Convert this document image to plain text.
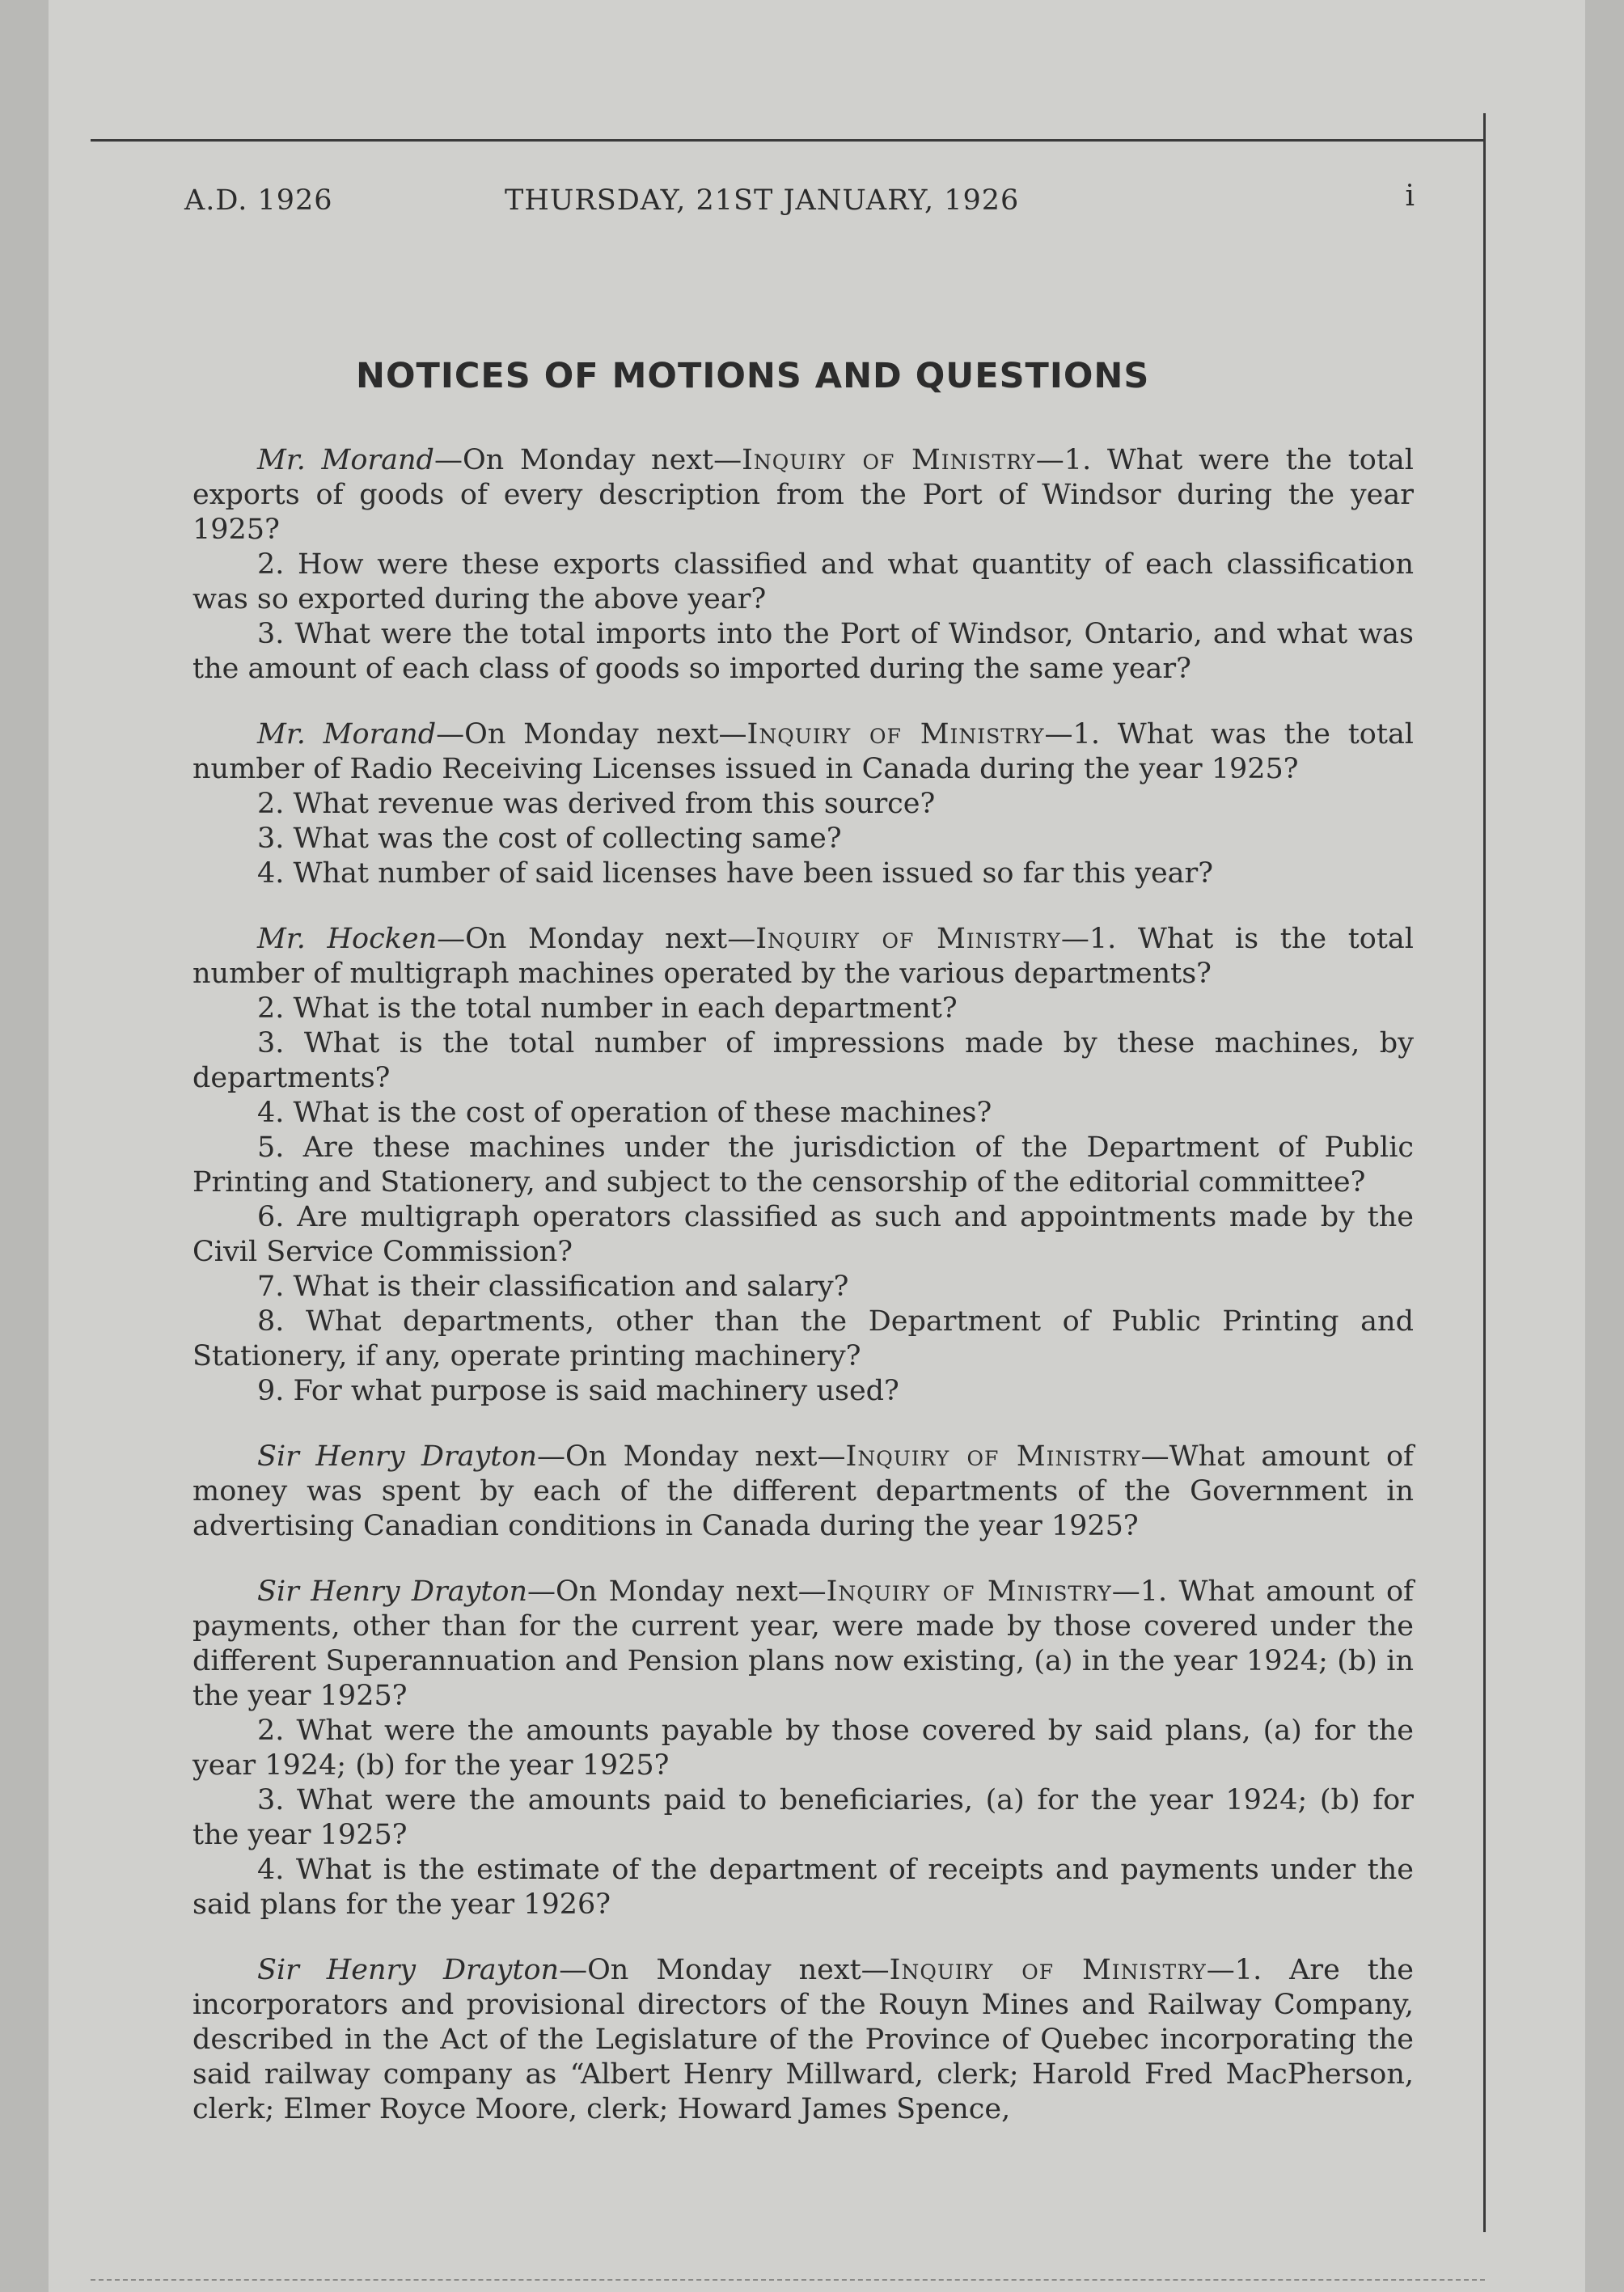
A.D. 1926	THURSDAY, 21ST JANUARY, 1926	i
NOTICES OF MOTIONS AND QUESTIONS

Mr. Morand—On Monday next—Inquiry of Ministry—1. What were the total exports of goods of every description from the Port of Windsor during the year 1925?

2. How were these exports classified and what quantity of each classification was so exported during the above year?

3. What were the total imports into the Port of Windsor, Ontario, and what was the amount of each class of goods so imported during the same year?

Mr. Morand—On Monday next—Inquiry of Ministry—1. What was the total number of Radio Receiving Licenses issued in Canada during the year 1925?

2. What revenue was derived from this source?

3. What was the cost of collecting same?

4. What number of said licenses have been issued so far this year?

Mr. Hocken—On Monday next—Inquiry of Ministry—1. What is the total number of multigraph machines operated by the various departments?

2. What is the total number in each department?

3. What is the total number of impressions made by these machines, by departments?

4. What is the cost of operation of these machines?

5. Are these machines under the jurisdiction of the Department of Public Printing and Stationery, and subject to the censorship of the editorial committee?

6. Are multigraph operators classified as such and appointments made by the Civil Service Commission?

7. What is their classification and salary?

8. What departments, other than the Department of Public Printing and Stationery, if any, operate printing machinery?

9. For what purpose is said machinery used?

Sir Henry Drayton—On Monday next—Inquiry of Ministry—What amount of money was spent by each of the different departments of the Government in advertising Canadian conditions in Canada during the year 1925?

Sir Henry Drayton—On Monday next—Inquiry of Ministry—1. What amount of payments, other than for the current year, were made by those covered under the different Superannuation and Pension plans now existing, (a) in the year 1924; (b) in the year 1925?

2. What were the amounts payable by those covered by said plans, (a) for the year 1924; (b) for the year 1925?

3. What were the amounts paid to beneficiaries, (a) for the year 1924; (b) for the year 1925?

4. What is the estimate of the department of receipts and payments under the said plans for the year 1926?

Sir Henry Drayton—On Monday next—Inquiry of Ministry—1. Are the incorporators and provisional directors of the Rouyn Mines and Railway Company, described in the Act of the Legislature of the Province of Quebec incorporating the said railway company as “Albert Henry Millward, clerk; Harold Fred MacPherson, clerk; Elmer Royce Moore, clerk; Howard James Spence,
